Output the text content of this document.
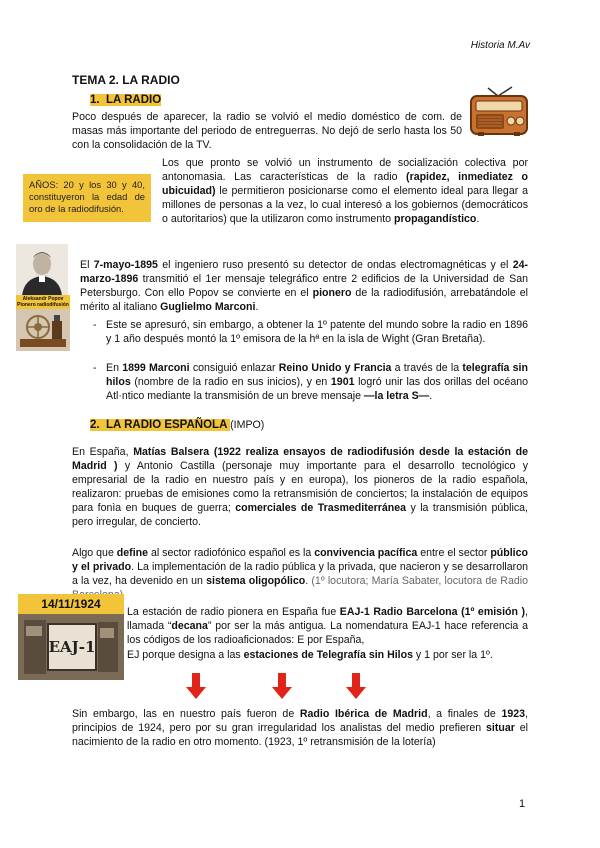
Historia M.Av
TEMA 2. LA RADIO
1. LA RADIO
Poco después de aparecer, la radio se volvió el medio doméstico de com. de masas más importante del periodo de entreguerras. No dejó de serlo hasta los 50 con la consolidación de la TV.
AÑOS: 20 y los 30 y 40, constituyeron la edad de oro de la radiodifusión.
Los que pronto se volvió un instrumento de socialización colectiva por antonomasia. Las características de la radio (rapidez, inmediatez o ubicuidad) le permitieron posicionarse como el elemento ideal para llegar a millones de personas a la vez, lo cual interesó a los gobiernos (democráticos o autoritarios) que la utilizaron como instrumento propagandístico.
Aleksandr Popov Pionero radiodifusión
El 7-mayo-1895 el ingeniero ruso presentó su detector de ondas electromagnéticas y el 24-marzo-1896 transmitió el 1er mensaje telegráfico entre 2 edificios de la Universidad de San Petersburgo. Con ello Popov se convierte en el pionero de la radiodifusión, arrebatándole el mérito al italiano Guglielmo Marconi.
- Este se apresuró, sin embargo, a obtener la 1º patente del mundo sobre la radio en 1896 y 1 año después montó la 1º emisora de la hª en la isla de Wight (Gran Bretaña).
- En 1899 Marconi consiguió enlazar Reino Unido y Francia a través de la telegrafía sin hilos (nombre de la radio en sus inicios), y en 1901 logró unir las dos orillas del océano Atl·ntico mediante la transmisión de un breve mensaje —la letra S—.
2. LA RADIO ESPAÑOLA (IMPO)
En España, Matías Balsera (1922 realiza ensayos de radiodifusión desde la estación de Madrid ) y Antonio Castilla (personaje muy importante para el desarrollo tecnológico y empresarial de la radio en nuestro país y en europa), los pioneros de la radio española, realizaron: pruebas de emisiones como la retransmisión de conciertos; la instalación de equipos para fonìa en buques de guerra; comerciales de Trasmediterránea y la transmisión pública, pero irregular, de concierto.
Algo que define al sector radiofónico español es la convivencia pacífica entre el sector público y el privado. La implementación de la radio pública y la privada, que nacieron y se desarrollaron a la vez, ha devenido en un sistema oligopólico. (1º locutora; María Sabater, locutora de Radio
14/11/1924
EAJ-1
La estación de radio pionera en España fue EAJ-1 Radio Barcelona (1º emisión ), llamada “decana” por ser la más antigua. La nomendatura EAJ-1 hace referencia a los códigos de los radioaficionados: E por España,
EJ porque designa a las estaciones de Telegrafía sin Hilos y 1 por ser la 1º.
Sin embargo, las en nuestro país fueron de Radio Ibérica de Madrid, a finales de 1923, principios de 1924, pero por su gran irregularidad los analistas del medio prefieren situar el nacimiento de la radio en otro momento. (1923, 1º retransmisión de la lotería)
1
